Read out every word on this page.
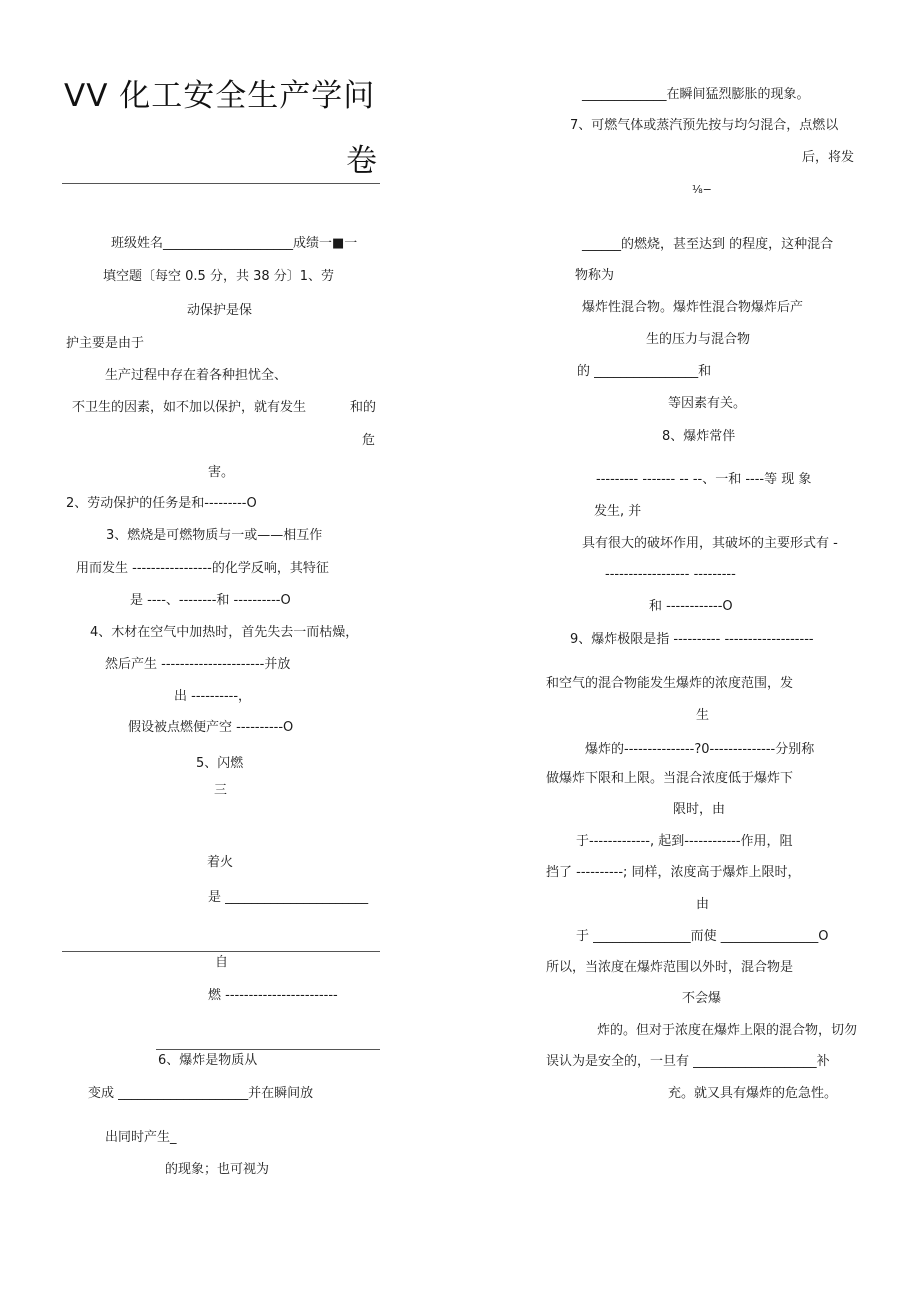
VV 化工安全生产学问
卷
班级姓名____________________成绩一■一
填空题〔每空 0.5 分，共 38 分〕1、劳
动保护是保
护主要是由于
生产过程中存在着各种担忧全、
不卫生的因素，如不加以保护，就有发生	和的
危
害。
2、劳动保护的任务是和---------O
3、燃烧是可燃物质与一或——相互作
用而发生 -----------------的化学反响，其特征
是 ----、--------和 ----------O
4、木材在空气中加热时，首先失去一而枯燥，
然后产生 ----------------------并放
出 ----------，
假设被点燃便产空 ----------O
5、闪燃
三
着火
是 ______________________
自
燃 ------------------------
6、爆炸是物质从
变成 ____________________并在瞬间放
出同时产生_
的现象；也可视为
_____________在瞬间猛烈膨胀的现象。
7、可燃气体或蒸汽预先按与均匀混合，点燃以
后，将发
⅛−
______的燃烧，甚至达到 的程度，这种混合
物称为
爆炸性混合物。爆炸性混合物爆炸后产
生的压力与混合物
的 ________________和
等因素有关。
8、爆炸常伴
--------- ------- -- --、一和 ----等 现 象
发生, 并
具有很大的破坏作用，其破坏的主要形式有 -
------------------ ---------
和 ------------O
9、爆炸极限是指 ---------- -------------------
和空气的混合物能发生爆炸的浓度范围，发
生
爆炸的---------------?0--------------分别称
做爆炸下限和上限。当混合浓度低于爆炸下
限时，由
于-------------, 起到------------作用，阻
挡了 ----------; 同样，浓度高于爆炸上限时，
由
于 _______________而使 _______________O
所以，当浓度在爆炸范围以外时，混合物是
不会爆
炸的。但对于浓度在爆炸上限的混合物，切勿
误认为是安全的，一旦有 ___________________补
充。就又具有爆炸的危急性。
